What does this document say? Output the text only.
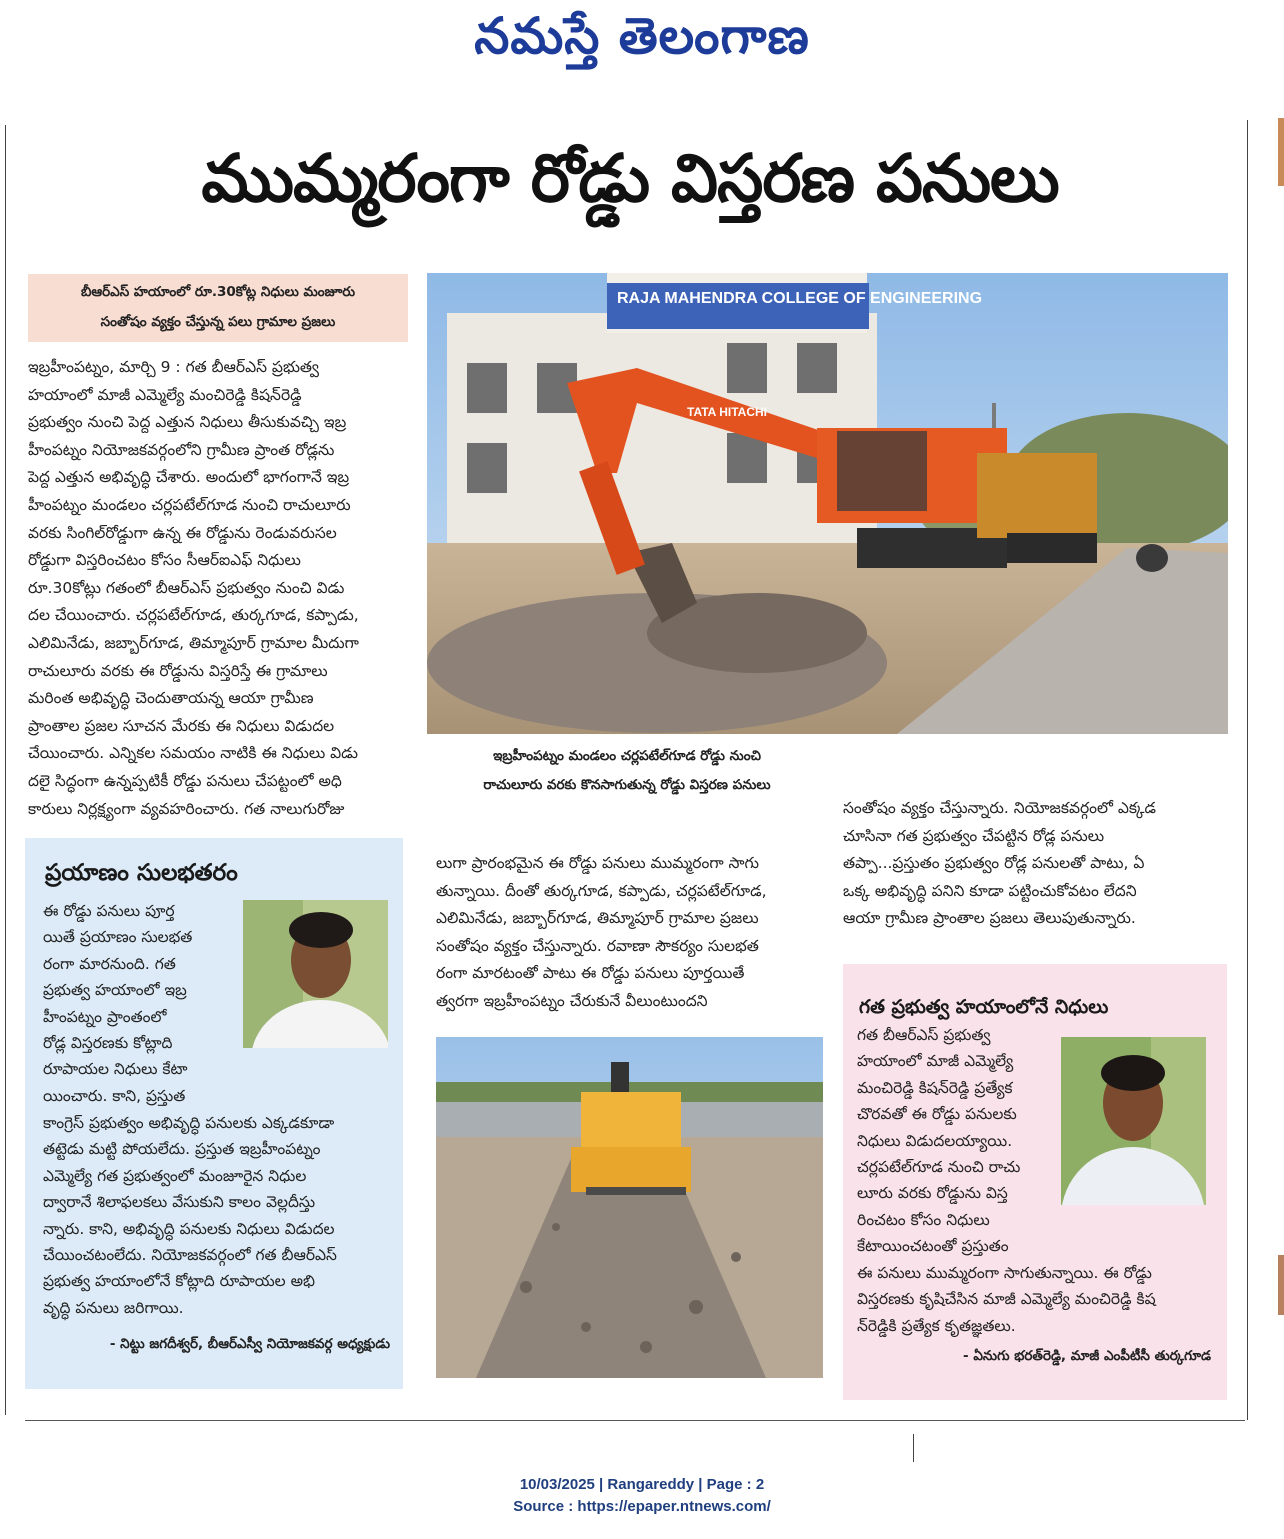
నమస్తే తెలంగాణ
ముమ్మరంగా రోడ్డు విస్తరణ పనులు

బీఆర్ఎస్ హయాంలో రూ.30కోట్ల నిధులు మంజూరు

సంతోషం వ్యక్తం చేస్తున్న పలు గ్రామాల ప్రజలు

ఇబ్రహీంపట్నం, మార్చి 9 : గత బీఆర్ఎస్ ప్రభుత్వ

హయాంలో మాజీ ఎమ్మెల్యే మంచిరెడ్డి కిషన్‌రెడ్డి

ప్రభుత్వం నుంచి పెద్ద ఎత్తున నిధులు తీసుకువచ్చి ఇబ్ర

హీంపట్నం నియోజకవర్గంలోని గ్రామీణ ప్రాంత రోడ్లను

పెద్ద ఎత్తున అభివృద్ధి చేశారు. అందులో భాగంగానే ఇబ్ర

హీంపట్నం మండలం చర్లపటేల్‌గూడ నుంచి రాచులూరు

వరకు సింగిల్‌రోడ్డుగా ఉన్న ఈ రోడ్డును రెండువరుసల

రోడ్డుగా విస్తరించటం కోసం సీఆర్ఐఎఫ్ నిధులు

రూ.30కోట్లు గతంలో బీఆర్ఎస్ ప్రభుత్వం నుంచి విడు

దల చేయించారు. చర్లపటేల్‌గూడ, తుర్కగూడ, కప్పాడు,

ఎలిమినేడు, జబ్బార్‌గూడ, తిమ్మాపూర్ గ్రామాల మీదుగా

రాచులూరు వరకు ఈ రోడ్డును విస్తరిస్తే ఈ గ్రామాలు

మరింత అభివృద్ధి చెందుతాయన్న ఆయా గ్రామీణ

ప్రాంతాల ప్రజల సూచన మేరకు ఈ నిధులు విడుదల

చేయించారు. ఎన్నికల సమయం నాటికి ఈ నిధులు విడు

దలై సిద్ధంగా ఉన్నప్పటికీ రోడ్డు పనులు చేపట్టంలో అధి

కారులు నిర్లక్ష్యంగా వ్యవహరించారు. గత నాలుగురోజు

RAJA MAHENDRA COLLEGE OF ENGINEERING
TATA HITACHI
ఇబ్రహీంపట్నం మండలం చర్లపటేల్‌గూడ రోడ్డు నుంచి
రాచులూరు వరకు కొనసాగుతున్న రోడ్డు విస్తరణ పనులు

సంతోషం వ్యక్తం చేస్తున్నారు. నియోజకవర్గంలో ఎక్కడ

చూసినా గత ప్రభుత్వం చేపట్టిన రోడ్ల పనులు

తప్పా...ప్రస్తుతం ప్రభుత్వం రోడ్ల పనులతో పాటు, ఏ

ఒక్క అభివృద్ధి పనిని కూడా పట్టించుకోవటం లేదని

ఆయా గ్రామీణ ప్రాంతాల ప్రజలు తెలుపుతున్నారు.

లుగా ప్రారంభమైన ఈ రోడ్డు పనులు ముమ్మరంగా సాగు

తున్నాయి. దీంతో తుర్కగూడ, కప్పాడు, చర్లపటేల్‌గూడ,

ఎలిమినేడు, జబ్బార్‌గూడ, తిమ్మాపూర్ గ్రామాల ప్రజలు

సంతోషం వ్యక్తం చేస్తున్నారు. రవాణా సౌకర్యం సులభత

రంగా మారటంతో పాటు ఈ రోడ్డు పనులు పూర్తయితే

త్వరగా ఇబ్రహీంపట్నం చేరుకునే వీలుంటుందని

ప్రయాణం సులభతరం

ఈ రోడ్డు పనులు పూర్త

యితే ప్రయాణం సులభత

రంగా మారనుంది. గత

ప్రభుత్వ హయాంలో ఇబ్ర

హీంపట్నం ప్రాంతంలో

రోడ్ల విస్తరణకు కోట్లాది

రూపాయల నిధులు కేటా

యించారు. కాని, ప్రస్తుత

కాంగ్రెస్ ప్రభుత్వం అభివృద్ధి పనులకు ఎక్కడకూడా

తట్టెడు మట్టి పోయలేదు. ప్రస్తుత ఇబ్రహీంపట్నం

ఎమ్మెల్యే గత ప్రభుత్వంలో మంజూరైన నిధుల

ద్వారానే శిలాఫలకలు వేసుకుని కాలం వెల్లదీస్తు

న్నారు. కాని, అభివృద్ధి పనులకు నిధులు విడుదల

చేయించటంలేదు. నియోజకవర్గంలో గత బీఆర్ఎస్

ప్రభుత్వ హయాంలోనే కోట్లాది రూపాయల అభి

వృద్ధి పనులు జరిగాయి.

- నిట్టు జగదీశ్వర్, బీఆర్ఎస్వీ నియోజకవర్గ అధ్యక్షుడు
గత ప్రభుత్వ హయాంలోనే నిధులు

గత బీఆర్ఎస్ ప్రభుత్వ

హయాంలో మాజీ ఎమ్మెల్యే

మంచిరెడ్డి కిషన్‌రెడ్డి ప్రత్యేక

చొరవతో ఈ రోడ్డు పనులకు

నిధులు విడుదలయ్యాయి.

చర్లపటేల్‌గూడ నుంచి రాచు

లూరు వరకు రోడ్డును విస్త

రించటం కోసం నిధులు

కేటాయించటంతో ప్రస్తుతం

ఈ పనులు ముమ్మరంగా సాగుతున్నాయి. ఈ రోడ్డు

విస్తరణకు కృషిచేసిన మాజీ ఎమ్మెల్యే మంచిరెడ్డి కిష

న్‌రెడ్డికి ప్రత్యేక కృతజ్ఞతలు.

- ఏనుగు భరత్‌రెడ్డి, మాజీ ఎంపీటీసీ తుర్కగూడ
10/03/2025 | Rangareddy | Page : 2
Source : https://epaper.ntnews.com/
